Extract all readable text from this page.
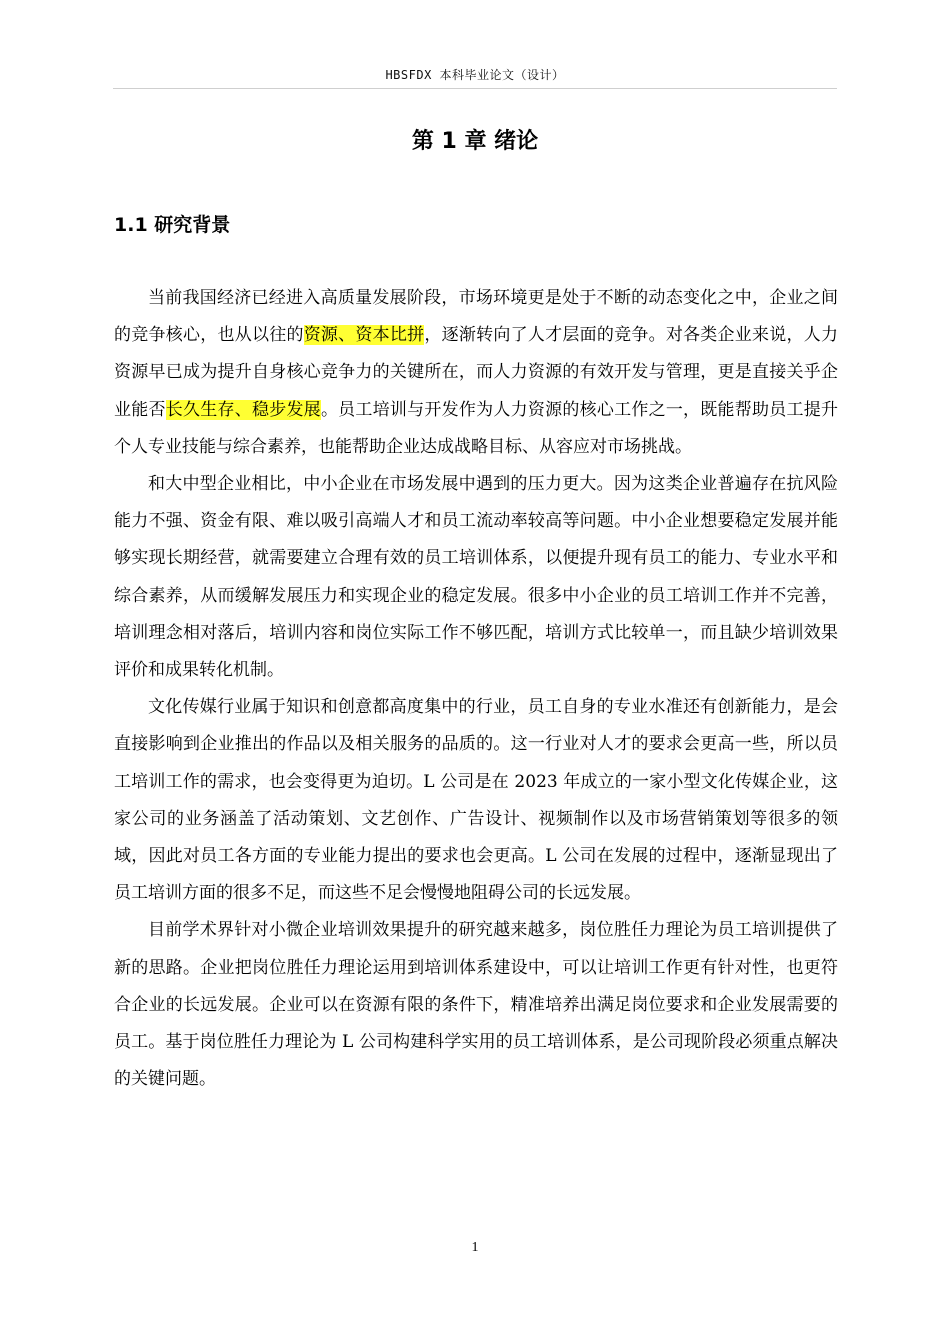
HBSFDX 本科毕业论文（设计）
第 1 章 绪论
1.1 研究背景

当前我国经济已经进入高质量发展阶段，市场环境更是处于不断的动态变化之中，企业之间的竞争核心，也从以往的资源、资本比拼，逐渐转向了人才层面的竞争。对各类企业来说，人力资源早已成为提升自身核心竞争力的关键所在，而人力资源的有效开发与管理，更是直接关乎企业能否长久生存、稳步发展。员工培训与开发作为人力资源的核心工作之一，既能帮助员工提升个人专业技能与综合素养，也能帮助企业达成战略目标、从容应对市场挑战。

和大中型企业相比，中小企业在市场发展中遇到的压力更大。因为这类企业普遍存在抗风险能力不强、资金有限、难以吸引高端人才和员工流动率较高等问题。中小企业想要稳定发展并能够实现长期经营，就需要建立合理有效的员工培训体系，以便提升现有员工的能力、专业水平和综合素养，从而缓解发展压力和实现企业的稳定发展。很多中小企业的员工培训工作并不完善，培训理念相对落后，培训内容和岗位实际工作不够匹配，培训方式比较单一，而且缺少培训效果评价和成果转化机制。

文化传媒行业属于知识和创意都高度集中的行业，员工自身的专业水准还有创新能力，是会直接影响到企业推出的作品以及相关服务的品质的。这一行业对人才的要求会更高一些，所以员工培训工作的需求，也会变得更为迫切。L 公司是在 2023 年成立的一家小型文化传媒企业，这家公司的业务涵盖了活动策划、文艺创作、广告设计、视频制作以及市场营销策划等很多的领域，因此对员工各方面的专业能力提出的要求也会更高。L 公司在发展的过程中，逐渐显现出了员工培训方面的很多不足，而这些不足会慢慢地阻碍公司的长远发展。

目前学术界针对小微企业培训效果提升的研究越来越多，岗位胜任力理论为员工培训提供了新的思路。企业把岗位胜任力理论运用到培训体系建设中，可以让培训工作更有针对性，也更符合企业的长远发展。企业可以在资源有限的条件下，精准培养出满足岗位要求和企业发展需要的员工。基于岗位胜任力理论为 L 公司构建科学实用的员工培训体系，是公司现阶段必须重点解决的关键问题。

1
